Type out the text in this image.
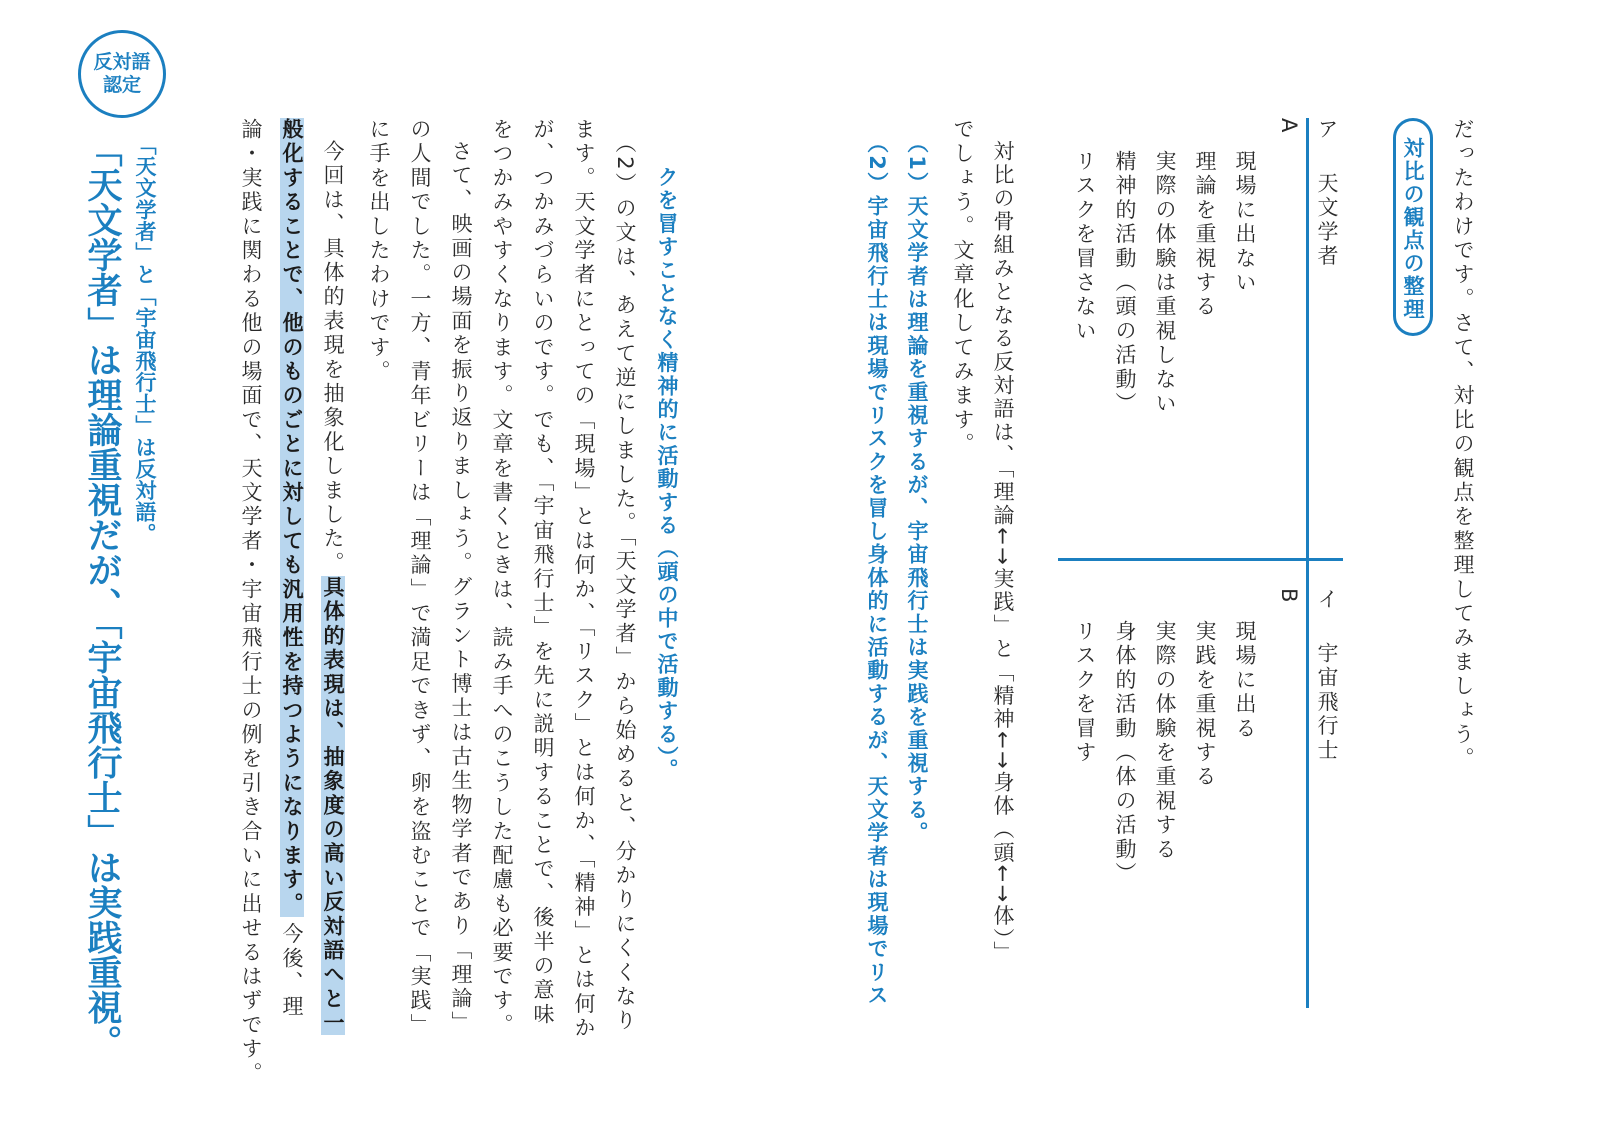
だったわけです。さて、対比の観点を整理してみましょう。
対比の観点の整理
ア  天文学者
A
現場に出ない
理論を重視する
実際の体験は重視しない
精神的活動（頭の活動）
リスクを冒さない
イ  宇宙飛行士
B
現場に出る
実践を重視する
実際の体験を重視する
身体的活動（体の活動）
リスクを冒す
対比の骨組みとなる反対語は、「理論←→実践」と「精神←→身体（頭←→体）」
でしょう。文章化してみます。
（1）天文学者は理論を重視するが、宇宙飛行士は実践を重視する。
（2）宇宙飛行士は現場でリスクを冒し身体的に活動するが、天文学者は現場でリス
クを冒すことなく精神的に活動する（頭の中で活動する）。
（2）の文は、あえて逆にしました。「天文学者」から始めると、分かりにくくなり
ます。天文学者にとっての「現場」とは何か、「リスク」とは何か、「精神」とは何か
が、つかみづらいのです。でも、「宇宙飛行士」を先に説明することで、後半の意味
をつかみやすくなります。文章を書くときは、読み手へのこうした配慮も必要です。
さて、映画の場面を振り返りましょう。グラント博士は古生物学者であり「理論」
の人間でした。一方、青年ビリーは「理論」で満足できず、卵を盗むことで「実践」
に手を出したわけです。
今回は、具体的表現を抽象化しました。具体的表現は、抽象度の高い反対語へと一
般化することで、他のものごとに対しても汎用性を持つようになります。今後、理
論・実践に関わる他の場面で、天文学者・宇宙飛行士の例を引き合いに出せるはずです。
反対語
認定
「天文学者」と「宇宙飛行士」は反対語。
「天文学者」は理論重視だが、「宇宙飛行士」は実践重視。
